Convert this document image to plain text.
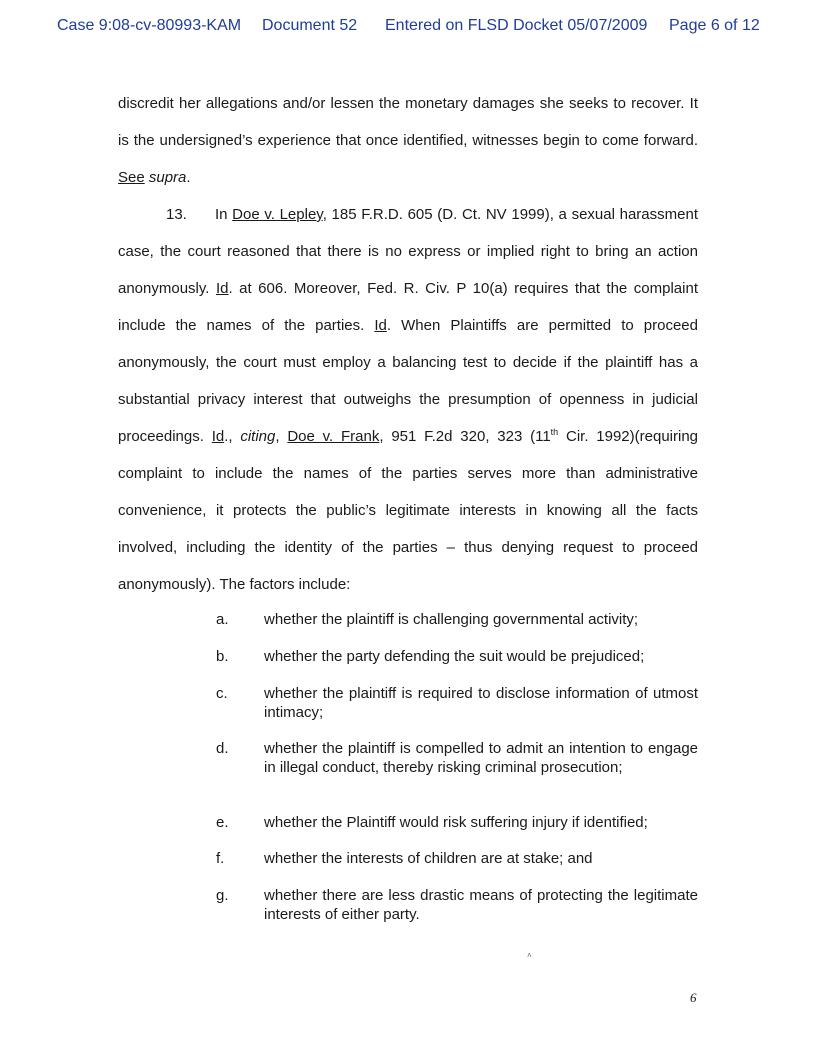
Case 9:08-cv-80993-KAM Document 52 Entered on FLSD Docket 05/07/2009 Page 6 of 12

discredit her allegations and/or lessen the monetary damages she seeks to recover. It is the undersigned’s experience that once identified, witnesses begin to come forward. See supra.

13. In Doe v. Lepley, 185 F.R.D. 605 (D. Ct. NV 1999), a sexual harassment case, the court reasoned that there is no express or implied right to bring an action anonymously. Id. at 606. Moreover, Fed. R. Civ. P 10(a) requires that the complaint include the names of the parties. Id. When Plaintiffs are permitted to proceed anonymously, the court must employ a balancing test to decide if the plaintiff has a substantial privacy interest that outweighs the presumption of openness in judicial proceedings. Id., citing, Doe v. Frank, 951 F.2d 320, 323 (11th Cir. 1992)(requiring complaint to include the names of the parties serves more than administrative convenience, it protects the public’s legitimate interests in knowing all the facts involved, including the identity of the parties – thus denying request to proceed anonymously). The factors include:

a. whether the plaintiff is challenging governmental activity;
b. whether the party defending the suit would be prejudiced;
c. whether the plaintiff is required to disclose information of utmost intimacy;
d. whether the plaintiff is compelled to admit an intention to engage in illegal conduct, thereby risking criminal prosecution;
e. whether the Plaintiff would risk suffering injury if identified;
f.	whether the interests of children are at stake; and
g. whether there are less drastic means of protecting the legitimate interests of either party.
˄
6
